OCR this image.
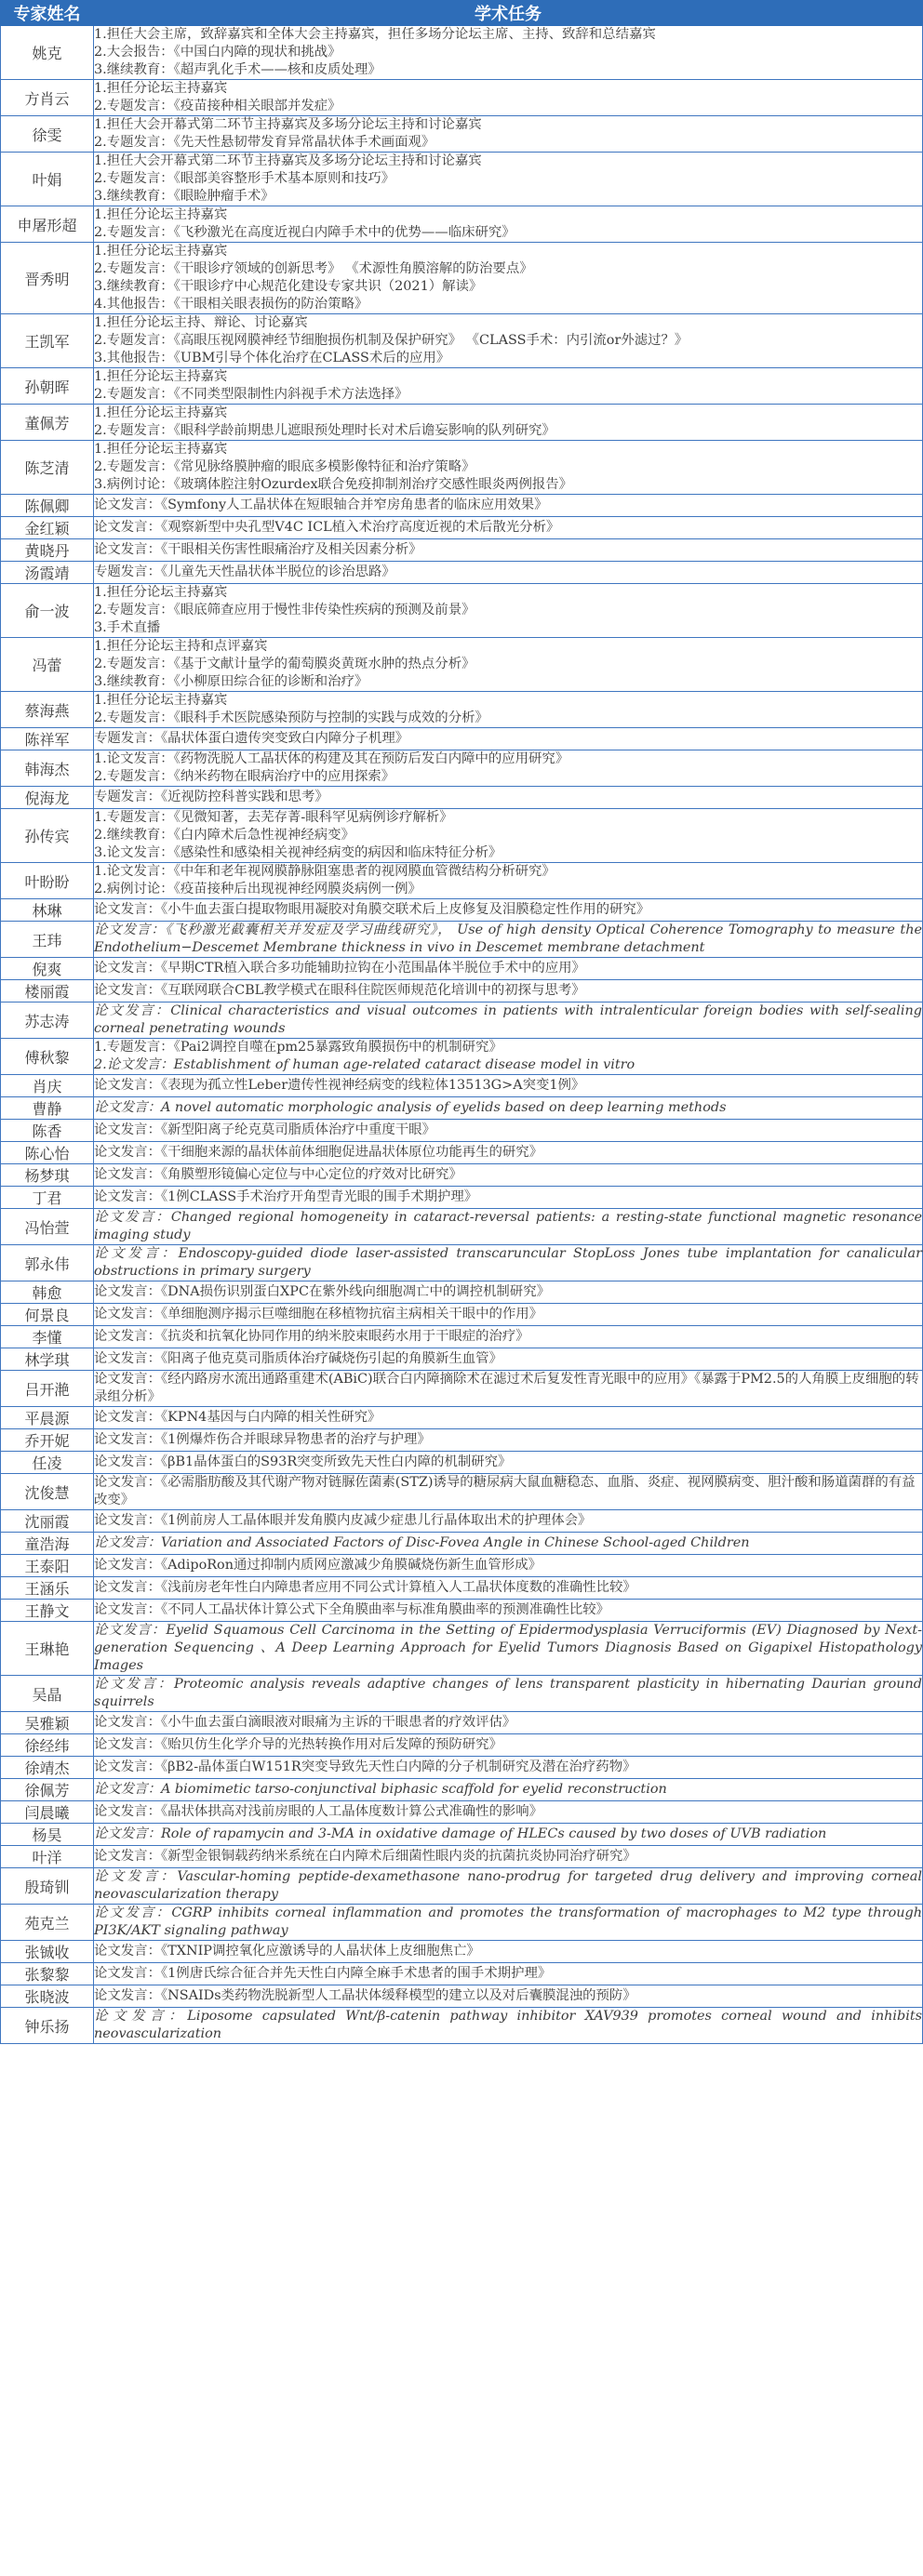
专家姓名	学术任务
姚克	1.担任大会主席，致辞嘉宾和全体大会主持嘉宾，担任多场分论坛主席、主持、致辞和总结嘉宾
2.大会报告：《中国白内障的现状和挑战》
3.继续教育：《超声乳化手术——核和皮质处理》

方肖云	1.担任分论坛主持嘉宾
2.专题发言：《疫苗接种相关眼部并发症》

徐雯	1.担任大会开幕式第二环节主持嘉宾及多场分论坛主持和讨论嘉宾
2.专题发言：《先天性悬韧带发育异常晶状体手术画面观》

叶娟	1.担任大会开幕式第二环节主持嘉宾及多场分论坛主持和讨论嘉宾
2.专题发言：《眼部美容整形手术基本原则和技巧》
3.继续教育：《眼睑肿瘤手术》

申屠形超	1.担任分论坛主持嘉宾
2.专题发言：《飞秒激光在高度近视白内障手术中的优势——临床研究》

晋秀明	1.担任分论坛主持嘉宾
2.专题发言：《干眼诊疗领域的创新思考》 《术源性角膜溶解的防治要点》
3.继续教育：《干眼诊疗中心规范化建设专家共识（2021）解读》
4.其他报告：《干眼相关眼表损伤的防治策略》

王凯军	1.担任分论坛主持、辩论、讨论嘉宾
2.专题发言：《高眼压视网膜神经节细胞损伤机制及保护研究》 《CLASS手术：内引流or外滤过？》
3.其他报告：《UBM引导个体化治疗在CLASS术后的应用》

孙朝晖	1.担任分论坛主持嘉宾
2.专题发言：《不同类型限制性内斜视手术方法选择》

董佩芳	1.担任分论坛主持嘉宾
2.专题发言：《眼科学龄前期患儿遮眼预处理时长对术后谵妄影响的队列研究》

陈芝清	1.担任分论坛主持嘉宾
2.专题发言：《常见脉络膜肿瘤的眼底多模影像特征和治疗策略》
3.病例讨论：《玻璃体腔注射Ozurdex联合免疫抑制剂治疗交感性眼炎两例报告》

陈佩卿	论文发言：《Symfony人工晶状体在短眼轴合并窄房角患者的临床应用效果》

金红颖	论文发言：《观察新型中央孔型V4C ICL植入术治疗高度近视的术后散光分析》

黄晓丹	论文发言：《干眼相关伤害性眼痛治疗及相关因素分析》

汤霞靖	专题发言：《儿童先天性晶状体半脱位的诊治思路》

俞一波	1.担任分论坛主持嘉宾
2.专题发言：《眼底筛查应用于慢性非传染性疾病的预测及前景》
3.手术直播

冯蕾	1.担任分论坛主持和点评嘉宾
2.专题发言：《基于文献计量学的葡萄膜炎黄斑水肿的热点分析》
3.继续教育：《小柳原田综合征的诊断和治疗》

蔡海燕	1.担任分论坛主持嘉宾
2.专题发言：《眼科手术医院感染预防与控制的实践与成效的分析》

陈祥军	专题发言：《晶状体蛋白遗传突变致白内障分子机理》

韩海杰	1.论文发言：《药物洗脱人工晶状体的构建及其在预防后发白内障中的应用研究》
2.专题发言：《纳米药物在眼病治疗中的应用探索》

倪海龙	专题发言：《近视防控科普实践和思考》

孙传宾	1.专题发言：《见微知著，去芜存菁-眼科罕见病例诊疗解析》
2.继续教育：《白内障术后急性视神经病变》
3.论文发言：《感染性和感染相关视神经病变的病因和临床特征分析》

叶盼盼	1.论文发言：《中年和老年视网膜静脉阻塞患者的视网膜血管微结构分析研究》
2.病例讨论：《疫苗接种后出现视神经网膜炎病例一例》

林琳	论文发言：《小牛血去蛋白提取物眼用凝胶对角膜交联术后上皮修复及泪膜稳定性作用的研究》

王玮	论文发言：《飞秒激光截囊相关并发症及学习曲线研究》， Use of high density Optical Coherence Tomography to measure the Endothelium−Descemet Membrane thickness in vivo in Descemet membrane detachment

倪爽	论文发言：《早期CTR植入联合多功能辅助拉钩在小范围晶体半脱位手术中的应用》

楼丽霞	论文发言：《互联网联合CBL教学模式在眼科住院医师规范化培训中的初探与思考》

苏志涛	论文发言：Clinical characteristics and visual outcomes in patients with intralenticular foreign bodies with self-sealing corneal penetrating wounds

傅秋黎	1.专题发言：《Pai2调控自噬在pm25暴露致角膜损伤中的机制研究》
2.论文发言：Establishment of human age-related cataract disease model in vitro

肖庆	论文发言：《表现为孤立性Leber遗传性视神经病变的线粒体13513G>A突变1例》

曹静	论文发言：A novel automatic morphologic analysis of eyelids based on deep learning methods

陈香	论文发言：《新型阳离子纶克莫司脂质体治疗中重度干眼》

陈心怡	论文发言：《干细胞来源的晶状体前体细胞促进晶状体原位功能再生的研究》

杨梦琪	论文发言：《角膜塑形镜偏心定位与中心定位的疗效对比研究》

丁君	论文发言：《1例CLASS手术治疗开角型青光眼的围手术期护理》

冯怡萱	论文发言：Changed regional homogeneity in cataract-reversal patients: a resting-state functional magnetic resonance imaging study

郭永伟	论文发言：Endoscopy-guided diode laser-assisted transcaruncular StopLoss Jones tube implantation for canalicular obstructions in primary surgery

韩愈	论文发言：《DNA损伤识别蛋白XPC在紫外线向细胞凋亡中的调控机制研究》

何景良	论文发言：《单细胞测序揭示巨噬细胞在移植物抗宿主病相关干眼中的作用》

李懂	论文发言：《抗炎和抗氧化协同作用的纳米胶束眼药水用于干眼症的治疗》

林学琪	论文发言：《阳离子他克莫司脂质体治疗碱烧伤引起的角膜新生血管》

吕开滟	论文发言：《经内路房水流出通路重建术(ABiC)联合白内障摘除术在滤过术后复发性青光眼中的应用》《暴露于PM2.5的人角膜上皮细胞的转录组分析》

平晨源	论文发言：《KPN4基因与白内障的相关性研究》

乔开妮	论文发言：《1例爆炸伤合并眼球异物患者的治疗与护理》

任凌	论文发言：《βB1晶体蛋白的S93R突变所致先天性白内障的机制研究》

沈俊慧	论文发言：《必需脂肪酸及其代谢产物对链脲佐菌素(STZ)诱导的糖尿病大鼠血糖稳态、血脂、炎症、视网膜病变、胆汁酸和肠道菌群的有益改变》

沈丽霞	论文发言：《1例前房人工晶体眼并发角膜内皮减少症患儿行晶体取出术的护理体会》

童浩海	论文发言：Variation and Associated Factors of Disc-Fovea Angle in Chinese School-aged Children

王泰阳	论文发言：《AdipoRon通过抑制内质网应激减少角膜碱烧伤新生血管形成》

王涵乐	论文发言：《浅前房老年性白内障患者应用不同公式计算植入人工晶状体度数的准确性比较》

王静文	论文发言：《不同人工晶状体计算公式下全角膜曲率与标准角膜曲率的预测准确性比较》

王琳艳	论文发言：Eyelid Squamous Cell Carcinoma in the Setting of Epidermodysplasia Verruciformis (EV) Diagnosed by Next-generation Sequencing 、A Deep Learning Approach for Eyelid Tumors Diagnosis Based on Gigapixel Histopathology Images

吴晶	论文发言：Proteomic analysis reveals adaptive changes of lens transparent plasticity in hibernating Daurian ground squirrels

吴雅颖	论文发言：《小牛血去蛋白滴眼液对眼痛为主诉的干眼患者的疗效评估》

徐经纬	论文发言：《贻贝仿生化学介导的光热转换作用对后发障的预防研究》

徐靖杰	论文发言：《βB2-晶体蛋白W151R突变导致先天性白内障的分子机制研究及潜在治疗药物》

徐佩芳	论文发言：A biomimetic tarso-conjunctival biphasic scaffold for eyelid reconstruction

闫晨曦	论文发言：《晶状体拱高对浅前房眼的人工晶体度数计算公式准确性的影响》

杨昊	论文发言：Role of rapamycin and 3-MA in oxidative damage of HLECs caused by two doses of UVB radiation

叶洋	论文发言：《新型金银铜载药纳米系统在白内障术后细菌性眼内炎的抗菌抗炎协同治疗研究》

殷琦钏	论文发言：Vascular-homing peptide-dexamethasone nano-prodrug for targeted drug delivery and improving corneal neovascularization therapy

苑克兰	论文发言：CGRP inhibits corneal inflammation and promotes the transformation of macrophages to M2 type through PI3K/AKT signaling pathway

张铖收	论文发言：《TXNIP调控氧化应激诱导的人晶状体上皮细胞焦亡》

张黎黎	论文发言：《1例唐氏综合征合并先天性白内障全麻手术患者的围手术期护理》

张晓波	论文发言：《NSAIDs类药物洗脱新型人工晶状体缓释模型的建立以及对后囊膜混浊的预防》

钟乐扬	论文发言：Liposome capsulated Wnt/β-catenin pathway inhibitor XAV939 promotes corneal wound and inhibits neovascularization
